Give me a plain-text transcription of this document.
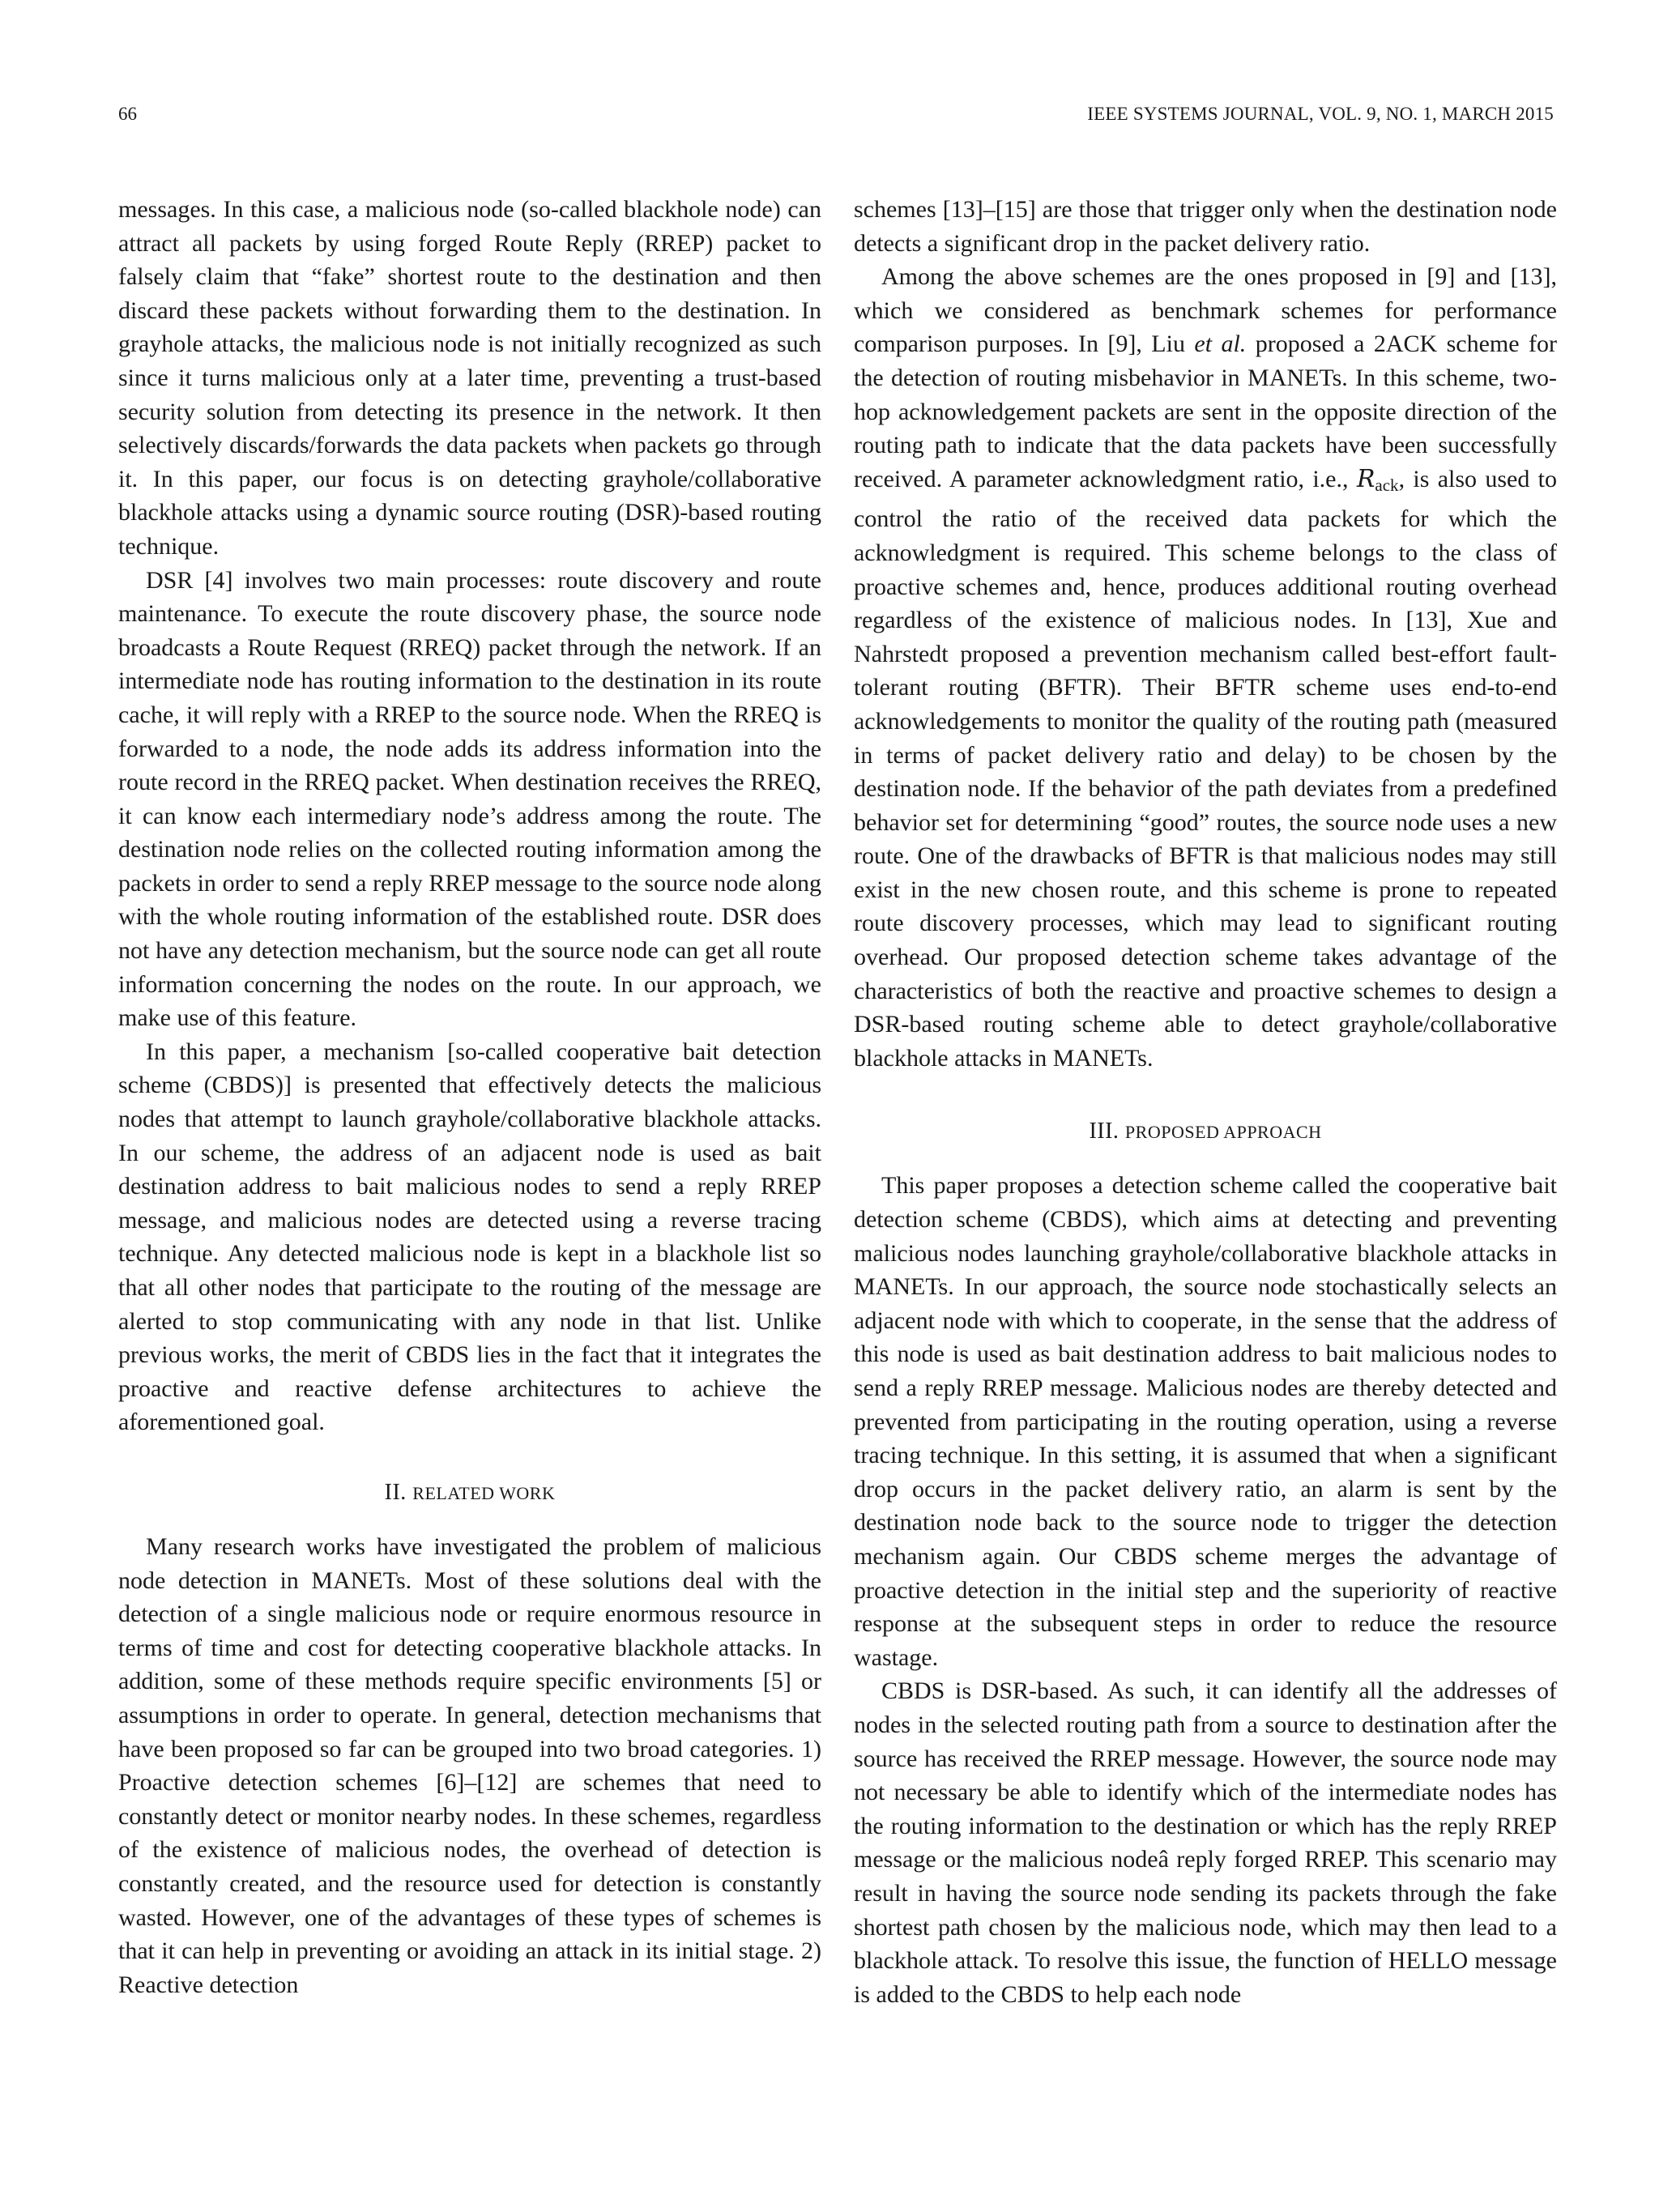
66	IEEE SYSTEMS JOURNAL, VOL. 9, NO. 1, MARCH 2015

messages. In this case, a malicious node (so-called blackhole node) can attract all packets by using forged Route Reply (RREP) packet to falsely claim that “fake” shortest route to the destination and then discard these packets without forwarding them to the destination. In grayhole attacks, the malicious node is not initially recognized as such since it turns malicious only at a later time, preventing a trust-based security solution from detecting its presence in the network. It then selectively discards/forwards the data packets when packets go through it. In this paper, our focus is on detecting grayhole/collaborative blackhole attacks using a dynamic source routing (DSR)-based routing technique.

DSR [4] involves two main processes: route discovery and route maintenance. To execute the route discovery phase, the source node broadcasts a Route Request (RREQ) packet through the network. If an intermediate node has routing information to the destination in its route cache, it will reply with a RREP to the source node. When the RREQ is forwarded to a node, the node adds its address information into the route record in the RREQ packet. When destination receives the RREQ, it can know each intermediary node’s address among the route. The destination node relies on the collected routing information among the packets in order to send a reply RREP message to the source node along with the whole routing information of the established route. DSR does not have any detection mechanism, but the source node can get all route information concerning the nodes on the route. In our approach, we make use of this feature.

In this paper, a mechanism [so-called cooperative bait detection scheme (CBDS)] is presented that effectively detects the malicious nodes that attempt to launch grayhole/collaborative blackhole attacks. In our scheme, the address of an adjacent node is used as bait destination address to bait malicious nodes to send a reply RREP message, and malicious nodes are detected using a reverse tracing technique. Any detected malicious node is kept in a blackhole list so that all other nodes that participate to the routing of the message are alerted to stop communicating with any node in that list. Unlike previous works, the merit of CBDS lies in the fact that it integrates the proactive and reactive defense architectures to achieve the aforementioned goal.

II. RELATED WORK

Many research works have investigated the problem of malicious node detection in MANETs. Most of these solutions deal with the detection of a single malicious node or require enormous resource in terms of time and cost for detecting cooperative blackhole attacks. In addition, some of these methods require specific environments [5] or assumptions in order to operate. In general, detection mechanisms that have been proposed so far can be grouped into two broad categories. 1) Proactive detection schemes [6]–[12] are schemes that need to constantly detect or monitor nearby nodes. In these schemes, regardless of the existence of malicious nodes, the overhead of detection is constantly created, and the resource used for detection is constantly wasted. However, one of the advantages of these types of schemes is that it can help in preventing or avoiding an attack in its initial stage. 2) Reactive detection

schemes [13]–[15] are those that trigger only when the destination node detects a significant drop in the packet delivery ratio.

Among the above schemes are the ones proposed in [9] and [13], which we considered as benchmark schemes for performance comparison purposes. In [9], Liu et al. proposed a 2ACK scheme for the detection of routing misbehavior in MANETs. In this scheme, two-hop acknowledgement packets are sent in the opposite direction of the routing path to indicate that the data packets have been successfully received. A parameter acknowledgment ratio, i.e., Rack, is also used to control the ratio of the received data packets for which the acknowledgment is required. This scheme belongs to the class of proactive schemes and, hence, produces additional routing overhead regardless of the existence of malicious nodes. In [13], Xue and Nahrstedt proposed a prevention mechanism called best-effort fault-tolerant routing (BFTR). Their BFTR scheme uses end-to-end acknowledgements to monitor the quality of the routing path (measured in terms of packet delivery ratio and delay) to be chosen by the destination node. If the behavior of the path deviates from a predefined behavior set for determining “good” routes, the source node uses a new route. One of the drawbacks of BFTR is that malicious nodes may still exist in the new chosen route, and this scheme is prone to repeated route discovery processes, which may lead to significant routing overhead. Our proposed detection scheme takes advantage of the characteristics of both the reactive and proactive schemes to design a DSR-based routing scheme able to detect grayhole/collaborative blackhole attacks in MANETs.

III. PROPOSED APPROACH

This paper proposes a detection scheme called the cooperative bait detection scheme (CBDS), which aims at detecting and preventing malicious nodes launching grayhole/collaborative blackhole attacks in MANETs. In our approach, the source node stochastically selects an adjacent node with which to cooperate, in the sense that the address of this node is used as bait destination address to bait malicious nodes to send a reply RREP message. Malicious nodes are thereby detected and prevented from participating in the routing operation, using a reverse tracing technique. In this setting, it is assumed that when a significant drop occurs in the packet delivery ratio, an alarm is sent by the destination node back to the source node to trigger the detection mechanism again. Our CBDS scheme merges the advantage of proactive detection in the initial step and the superiority of reactive response at the subsequent steps in order to reduce the resource wastage.

CBDS is DSR-based. As such, it can identify all the addresses of nodes in the selected routing path from a source to destination after the source has received the RREP message. However, the source node may not necessary be able to identify which of the intermediate nodes has the routing information to the destination or which has the reply RREP message or the malicious nodeâ reply forged RREP. This scenario may result in having the source node sending its packets through the fake shortest path chosen by the malicious node, which may then lead to a blackhole attack. To resolve this issue, the function of HELLO message is added to the CBDS to help each node
